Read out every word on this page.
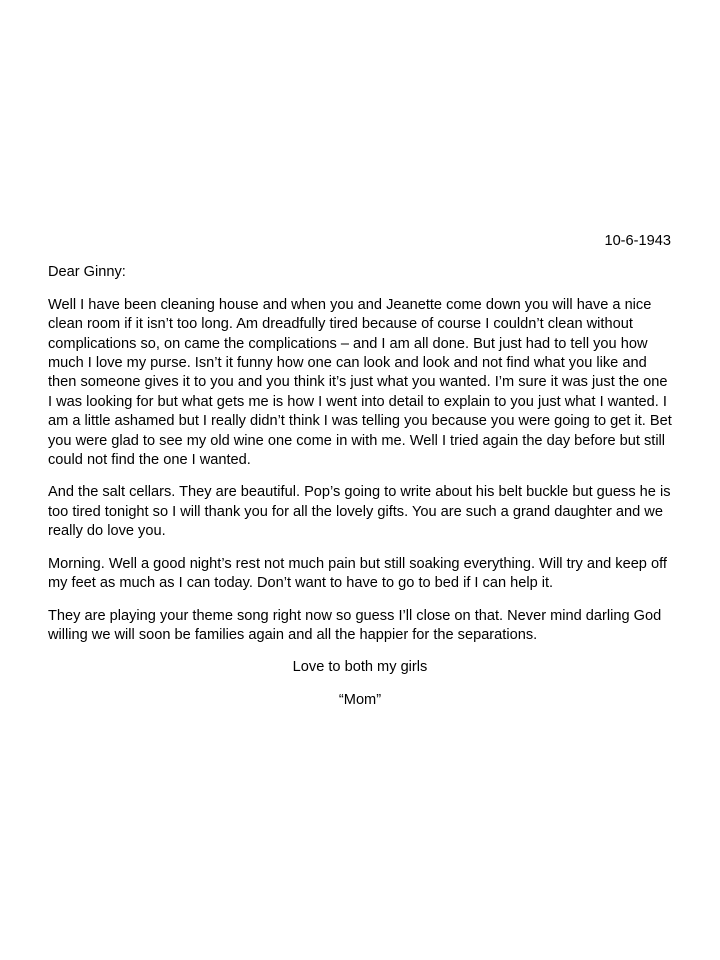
10-6-1943

Dear Ginny:

Well I have been cleaning house and when you and Jeanette come down you will have a nice clean room if it isn’t too long. Am dreadfully tired because of course I couldn’t clean without complications so, on came the complications – and I am all done. But just had to tell you how much I love my purse. Isn’t it funny how one can look and look and not find what you like and then someone gives it to you and you think it’s just what you wanted. I’m sure it was just the one I was looking for but what gets me is how I went into detail to explain to you just what I wanted. I am a little ashamed but I really didn’t think I was telling you because you were going to get it. Bet you were glad to see my old wine one come in with me. Well I tried again the day before but still could not find the one I wanted.

And the salt cellars. They are beautiful. Pop’s going to write about his belt buckle but guess he is too tired tonight so I will thank you for all the lovely gifts. You are such a grand daughter and we really do love you.

Morning. Well a good night’s rest not much pain but still soaking everything. Will try and keep off my feet as much as I can today. Don’t want to have to go to bed if I can help it.

They are playing your theme song right now so guess I’ll close on that. Never mind darling God willing we will soon be families again and all the happier for the separations.

Love to both my girls

“Mom”
